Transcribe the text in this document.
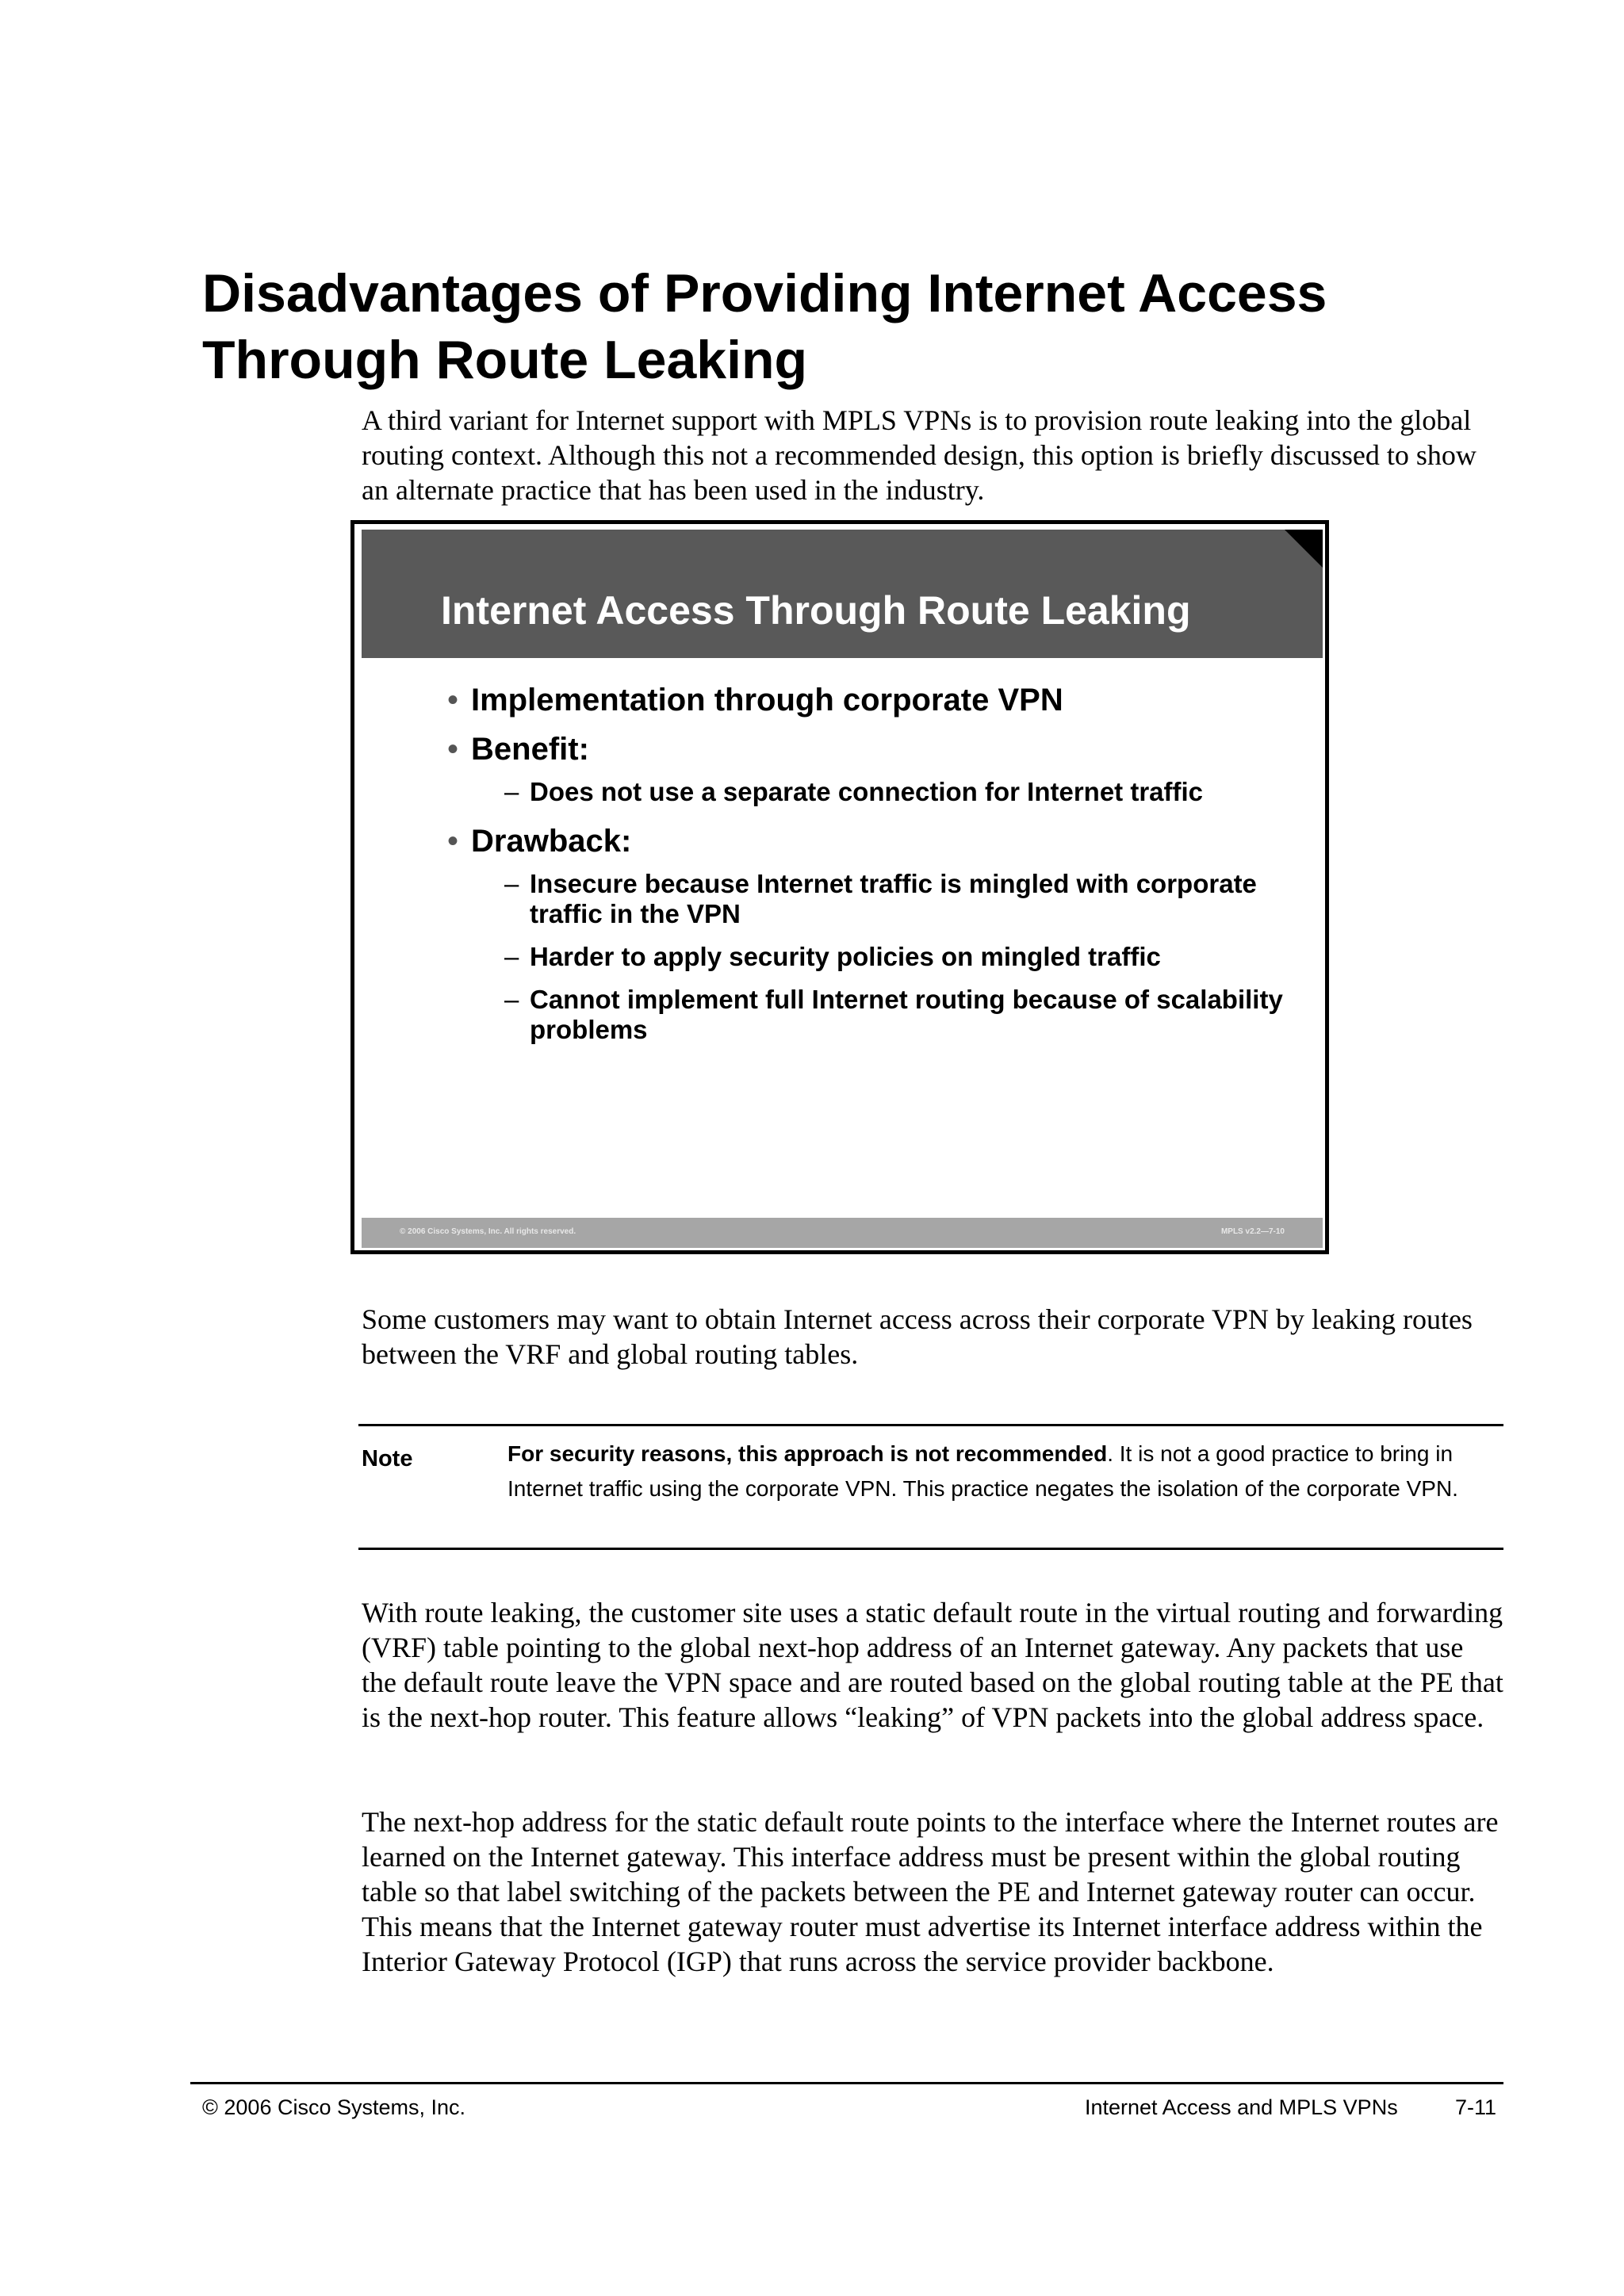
Disadvantages of Providing Internet Access
Through Route Leaking

A third variant for Internet support with MPLS VPNs is to provision route leaking into the global routing context. Although this not a recommended design, this option is briefly discussed to show an alternate practice that has been used in the industry.

Internet Access Through Route Leaking
• Implementation through corporate VPN
• Benefit:
– Does not use a separate connection for Internet traffic
• Drawback:
– Insecure because Internet traffic is mingled with corporate traffic in the VPN
– Harder to apply security policies on mingled traffic
– Cannot implement full Internet routing because of scalability problems
© 2006 Cisco Systems, Inc. All rights reserved.	MPLS v2.2—7-10

Some customers may want to obtain Internet access across their corporate VPN by leaking routes between the VRF and global routing tables.

Note	For security reasons, this approach is not recommended. It is not a good practice to bring in Internet traffic using the corporate VPN. This practice negates the isolation of the corporate VPN.

With route leaking, the customer site uses a static default route in the virtual routing and forwarding (VRF) table pointing to the global next-hop address of an Internet gateway. Any packets that use the default route leave the VPN space and are routed based on the global routing table at the PE that is the next-hop router. This feature allows “leaking” of VPN packets into the global address space.

The next-hop address for the static default route points to the interface where the Internet routes are learned on the Internet gateway. This interface address must be present within the global routing table so that label switching of the packets between the PE and Internet gateway router can occur. This means that the Internet gateway router must advertise its Internet interface address within the Interior Gateway Protocol (IGP) that runs across the service provider backbone.

© 2006 Cisco Systems, Inc.	Internet Access and MPLS VPNs	7-11
